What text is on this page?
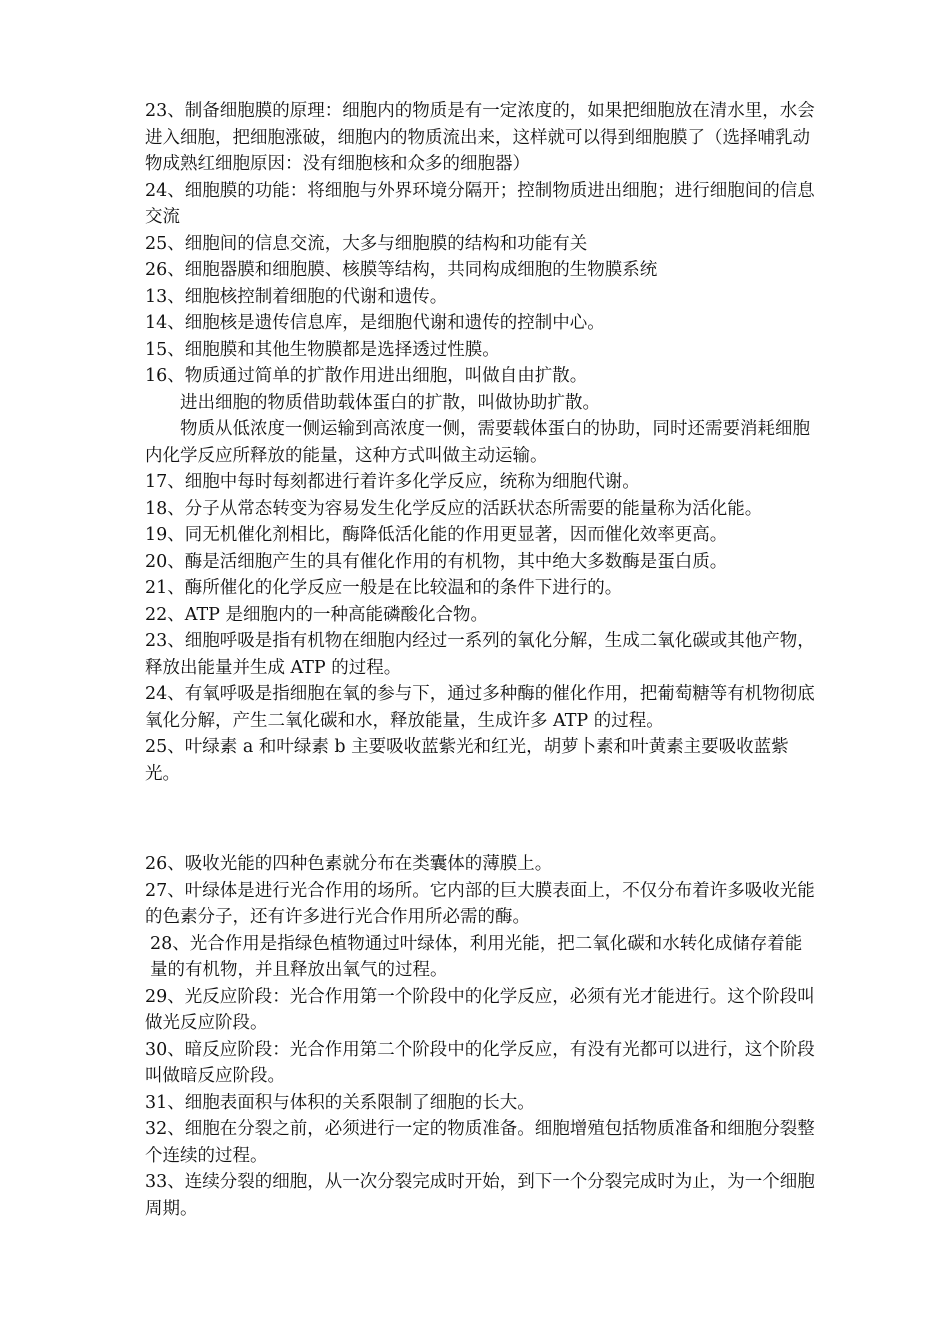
23、制备细胞膜的原理：细胞内的物质是有一定浓度的，如果把细胞放在清水里，水会进入细胞，把细胞涨破，细胞内的物质流出来，这样就可以得到细胞膜了（选择哺乳动物成熟红细胞原因：没有细胞核和众多的细胞器）

24、细胞膜的功能：将细胞与外界环境分隔开；控制物质进出细胞；进行细胞间的信息交流

25、细胞间的信息交流，大多与细胞膜的结构和功能有关

26、细胞器膜和细胞膜、核膜等结构，共同构成细胞的生物膜系统

13、细胞核控制着细胞的代谢和遗传。

14、细胞核是遗传信息库，是细胞代谢和遗传的控制中心。

15、细胞膜和其他生物膜都是选择透过性膜。

16、物质通过简单的扩散作用进出细胞，叫做自由扩散。

进出细胞的物质借助载体蛋白的扩散，叫做协助扩散。

物质从低浓度一侧运输到高浓度一侧，需要载体蛋白的协助，同时还需要消耗细胞内化学反应所释放的能量，这种方式叫做主动运输。

17、细胞中每时每刻都进行着许多化学反应，统称为细胞代谢。

18、分子从常态转变为容易发生化学反应的活跃状态所需要的能量称为活化能。

19、同无机催化剂相比，酶降低活化能的作用更显著，因而催化效率更高。

20、酶是活细胞产生的具有催化作用的有机物，其中绝大多数酶是蛋白质。

21、酶所催化的化学反应一般是在比较温和的条件下进行的。

22、ATP 是细胞内的一种高能磷酸化合物。

23、细胞呼吸是指有机物在细胞内经过一系列的氧化分解，生成二氧化碳或其他产物，释放出能量并生成 ATP 的过程。

24、有氧呼吸是指细胞在氧的参与下，通过多种酶的催化作用，把葡萄糖等有机物彻底氧化分解，产生二氧化碳和水，释放能量，生成许多 ATP 的过程。

25、叶绿素 a 和叶绿素 b 主要吸收蓝紫光和红光，胡萝卜素和叶黄素主要吸收蓝紫光。

26、吸收光能的四种色素就分布在类囊体的薄膜上。

27、叶绿体是进行光合作用的场所。它内部的巨大膜表面上，不仅分布着许多吸收光能的色素分子，还有许多进行光合作用所必需的酶。

28、光合作用是指绿色植物通过叶绿体，利用光能，把二氧化碳和水转化成储存着能量的有机物，并且释放出氧气的过程。

29、光反应阶段：光合作用第一个阶段中的化学反应，必须有光才能进行。这个阶段叫做光反应阶段。

30、暗反应阶段：光合作用第二个阶段中的化学反应，有没有光都可以进行，这个阶段叫做暗反应阶段。

31、细胞表面积与体积的关系限制了细胞的长大。

32、细胞在分裂之前，必须进行一定的物质准备。细胞增殖包括物质准备和细胞分裂整个连续的过程。

33、连续分裂的细胞，从一次分裂完成时开始，到下一个分裂完成时为止，为一个细胞周期。
